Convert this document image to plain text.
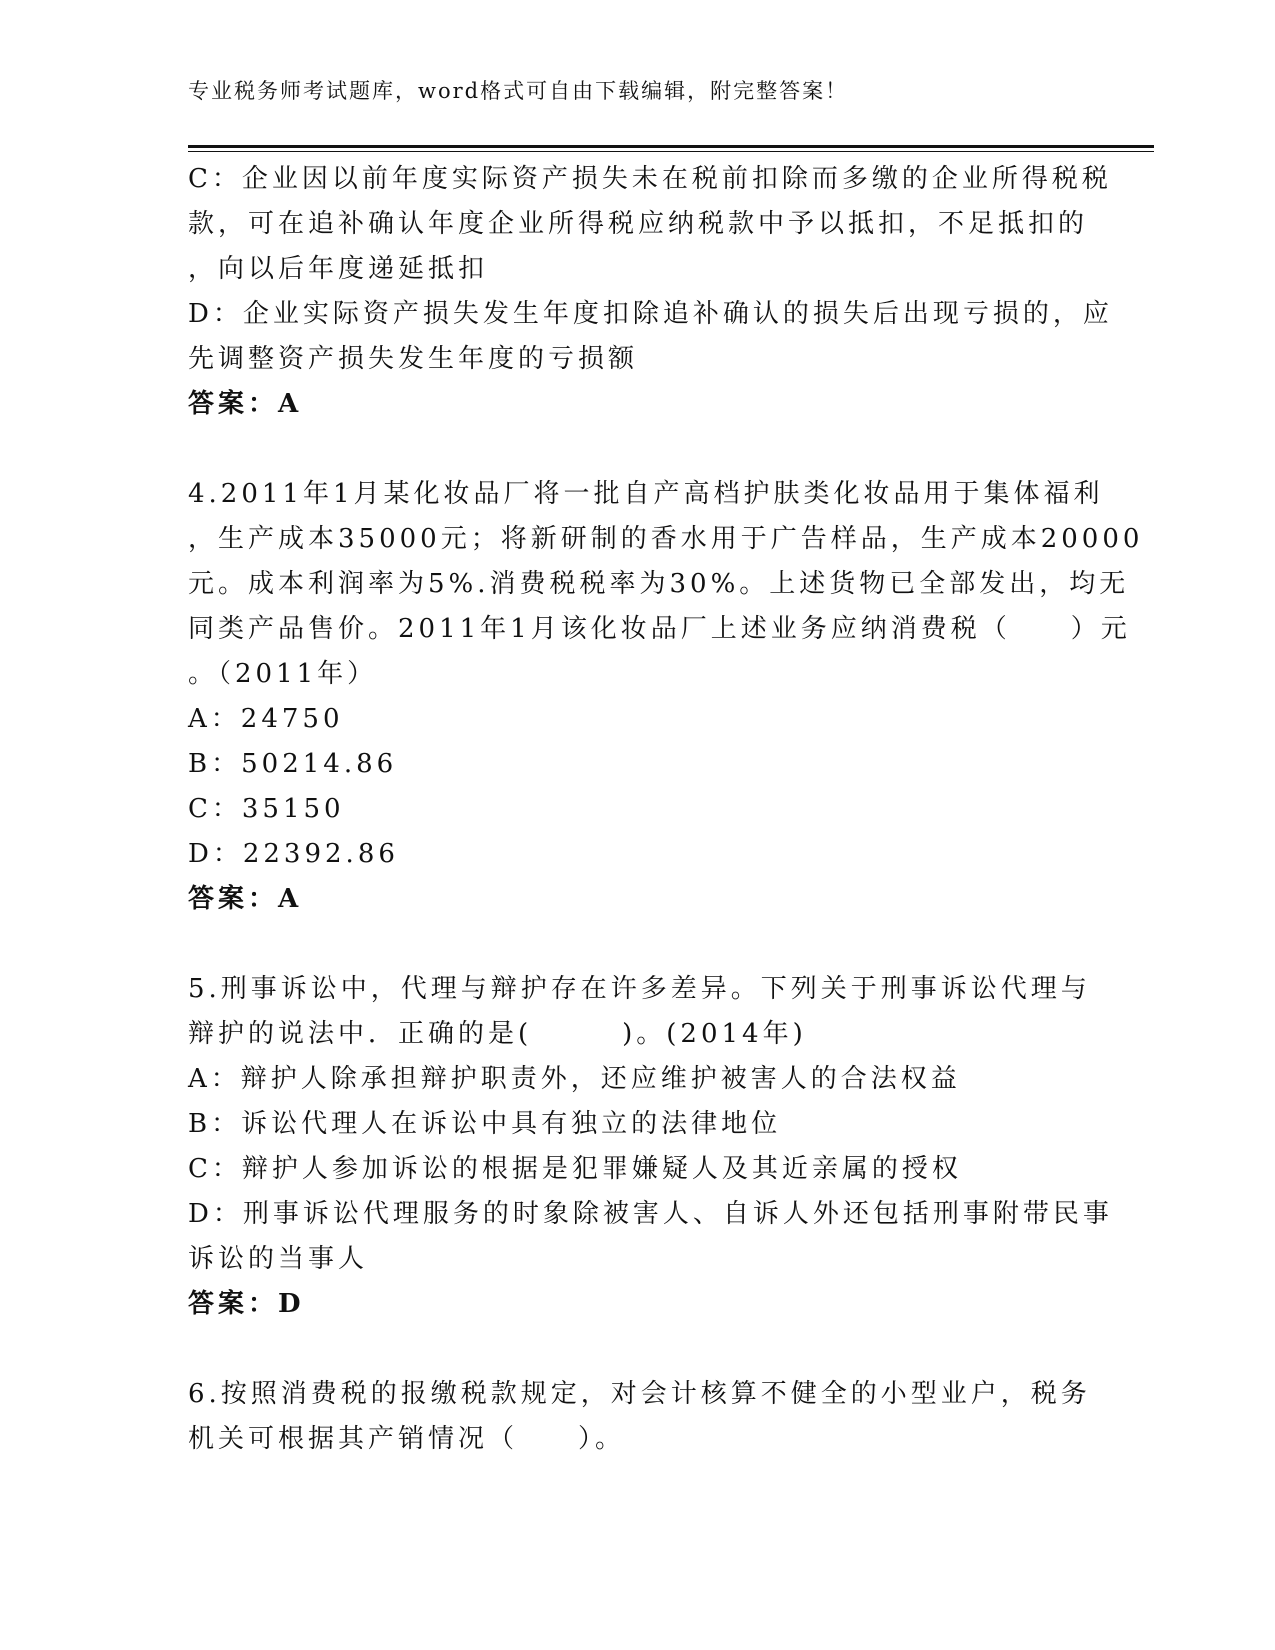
专业税务师考试题库，word格式可自由下载编辑，附完整答案！
C：企业因以前年度实际资产损失未在税前扣除而多缴的企业所得税税
款，可在追补确认年度企业所得税应纳税款中予以抵扣，不足抵扣的
，向以后年度递延抵扣
D：企业实际资产损失发生年度扣除追补确认的损失后出现亏损的，应
先调整资产损失发生年度的亏损额
答案：A
4.2011年1月某化妆品厂将一批自产高档护肤类化妆品用于集体福利
，生产成本35000元；将新研制的香水用于广告样品，生产成本20000
元。成本利润率为5%.消费税税率为30%。上述货物已全部发出，均无
同类产品售价。2011年1月该化妆品厂上述业务应纳消费税（　　）元
。（2011年）
A：24750
B：50214.86
C：35150
D：22392.86
答案：A
5.刑事诉讼中，代理与辩护存在许多差异。下列关于刑事诉讼代理与
辩护的说法中．正确的是(　　　)。(2014年)
A：辩护人除承担辩护职责外，还应维护被害人的合法权益
B：诉讼代理人在诉讼中具有独立的法律地位
C：辩护人参加诉讼的根据是犯罪嫌疑人及其近亲属的授权
D：刑事诉讼代理服务的时象除被害人、自诉人外还包括刑事附带民事
诉讼的当事人
答案：D
6.按照消费税的报缴税款规定，对会计核算不健全的小型业户，税务
机关可根据其产销情况（　　）。
